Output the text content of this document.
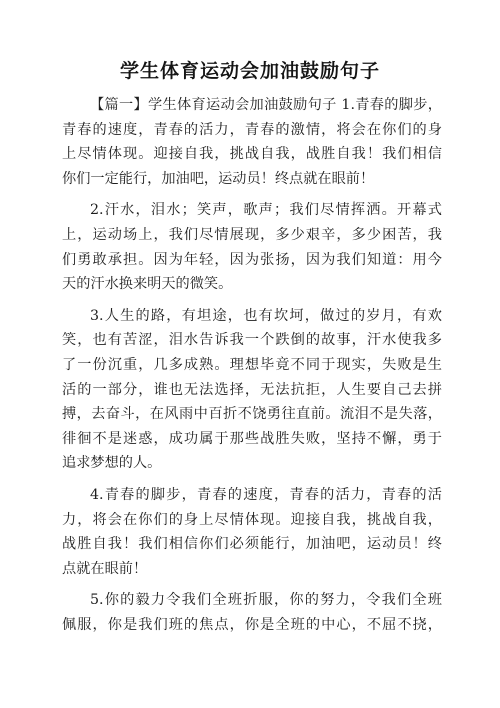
学生体育运动会加油鼓励句子
【篇一】学生体育运动会加油鼓励句子 1.青春的脚步，
青春的速度，青春的活力，青春的激情，将会在你们的身
上尽情体现。迎接自我，挑战自我，战胜自我！我们相信
你们一定能行，加油吧，运动员！终点就在眼前！
2.汗水，泪水；笑声，歌声；我们尽情挥洒。开幕式
上，运动场上，我们尽情展现，多少艰辛，多少困苦，我
们勇敢承担。因为年轻，因为张扬，因为我们知道：用今
天的汗水换来明天的微笑。
3.人生的路，有坦途，也有坎坷，做过的岁月，有欢
笑，也有苦涩，泪水告诉我一个跌倒的故事，汗水使我多
了一份沉重，几多成熟。理想毕竟不同于现实，失败是生
活的一部分，谁也无法选择，无法抗拒，人生要自己去拼
搏，去奋斗，在风雨中百折不饶勇往直前。流泪不是失落，
徘徊不是迷惑，成功属于那些战胜失败，坚持不懈，勇于
追求梦想的人。
4.青春的脚步，青春的速度，青春的活力，青春的活
力，将会在你们的身上尽情体现。迎接自我，挑战自我，
战胜自我！我们相信你们必须能行，加油吧，运动员！终
点就在眼前！
5.你的毅力令我们全班折服，你的努力，令我们全班
佩服，你是我们班的焦点，你是全班的中心，不屈不挠，
